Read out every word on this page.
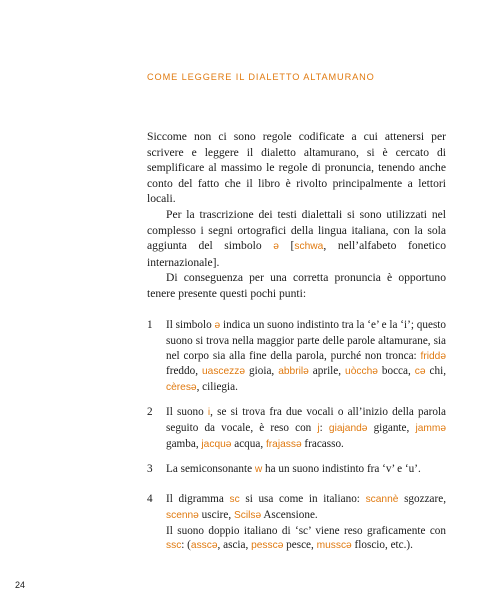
COME LEGGERE IL DIALETTO ALTAMURANO

Siccome non ci sono regole codificate a cui attenersi per scrivere e leggere il dialetto altamurano, si è cercato di semplificare al massimo le regole di pronuncia, tenendo anche conto del fatto che il libro è rivolto principalmente a lettori locali.

Per la trascrizione dei testi dialettali si sono utilizzati nel complesso i segni ortografici della lingua italiana, con la sola aggiunta del simbolo ə [schwa, nell’alfabeto fonetico internazionale].

Di conseguenza per una corretta pronuncia è opportuno tenere presente questi pochi punti:

1 Il simbolo ə indica un suono indistinto tra la ‘e’ e la ‘i’; questo suono si trova nella maggior parte delle parole altamurane, sia nel corpo sia alla fine della parola, purché non tronca: friddə freddo, uascezzə gioia, abbrilə aprile, uòcchə bocca, cə chi, cèresə, ciliegia.
2 Il suono i, se si trova fra due vocali o all’inizio della parola seguito da vocale, è reso con j: giajandə gigante, jammə gamba, jacquə acqua, frajassə fracasso.
3 La semiconsonante w ha un suono indistinto fra ‘v’ e ‘u’.
4 Il digramma sc si usa come in italiano: scannè sgozzare, scennə uscire, Scilsə Ascensione.

Il suono doppio italiano di ‘sc’ viene reso graficamente con ssc: (asscə, ascia, pesscə pesce, musscə floscio, etc.).

24
